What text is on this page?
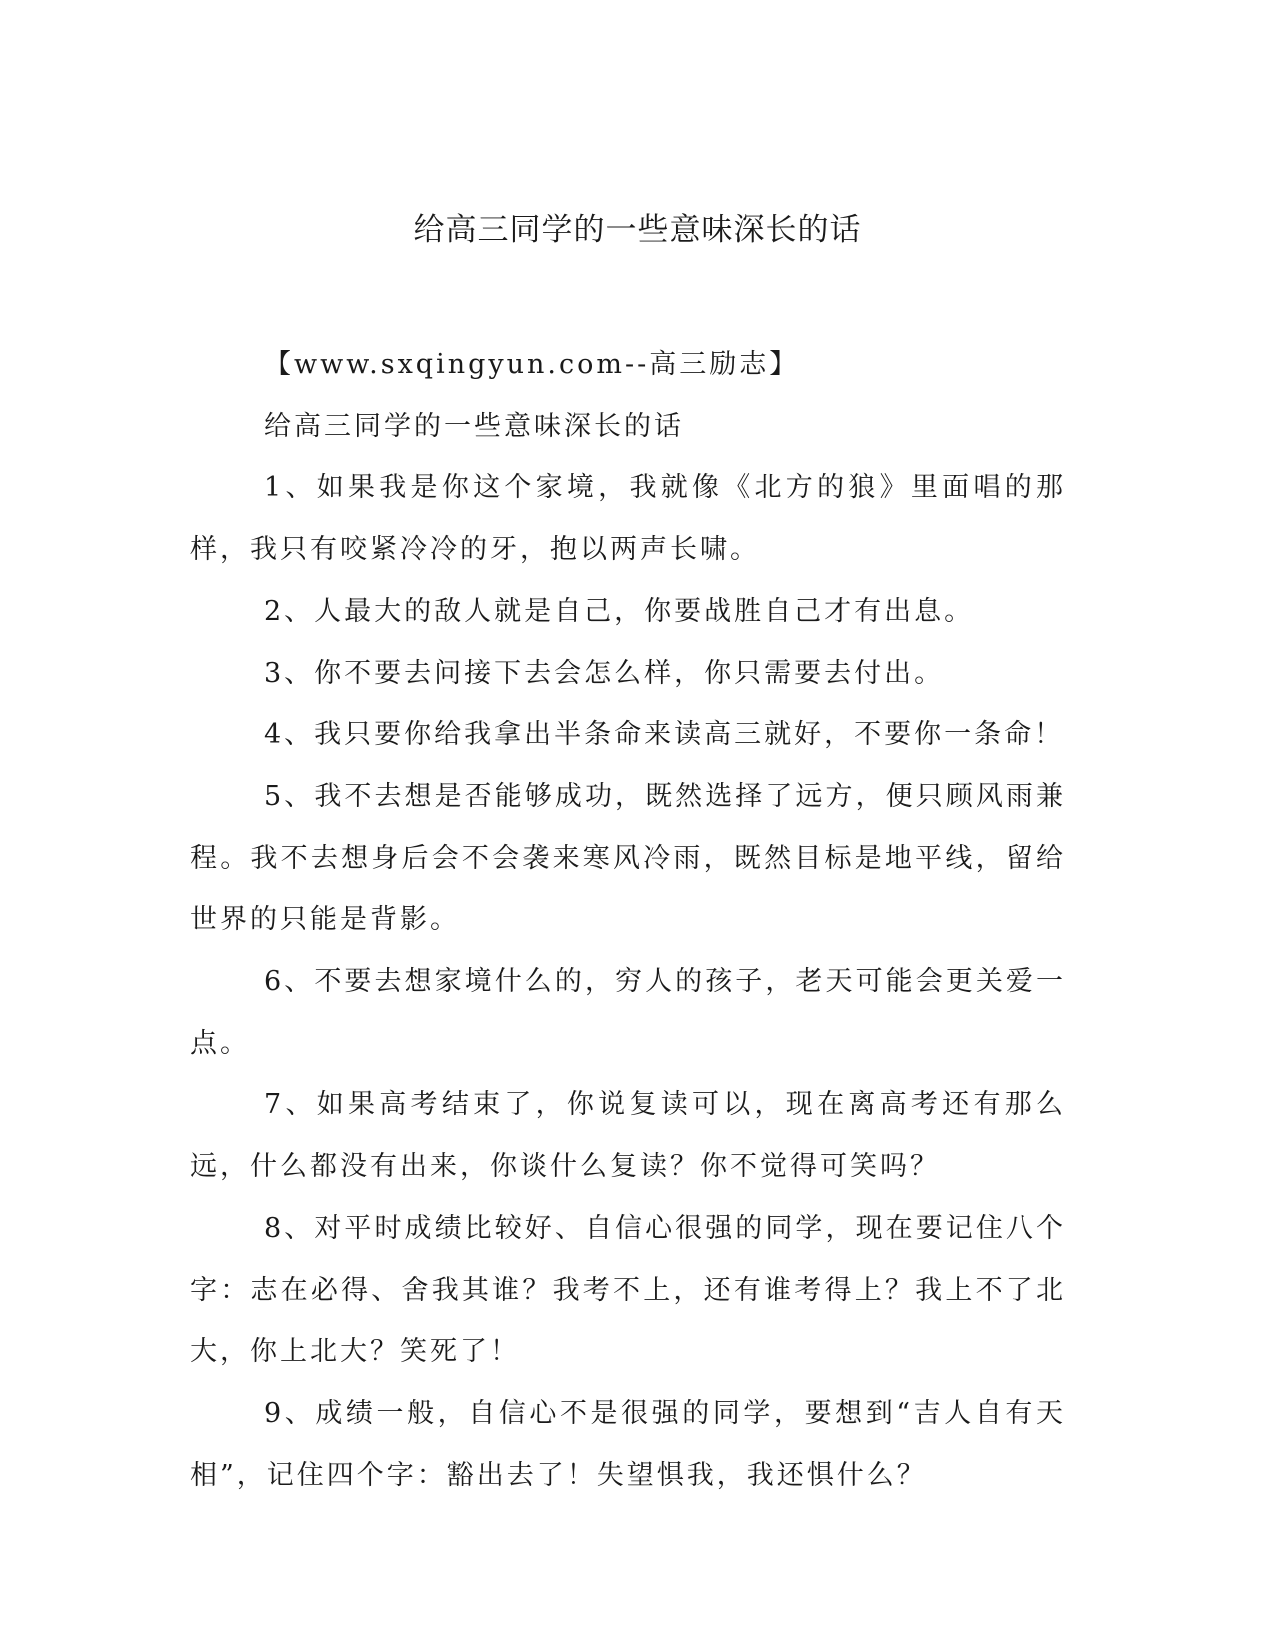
给高三同学的一些意味深长的话

【www.sxqingyun.com--高三励志】

给高三同学的一些意味深长的话

1、如果我是你这个家境，我就像《北方的狼》里面唱的那样，我只有咬紧冷冷的牙，抱以两声长啸。

2、人最大的敌人就是自己，你要战胜自己才有出息。

3、你不要去问接下去会怎么样，你只需要去付出。

4、我只要你给我拿出半条命来读高三就好，不要你一条命！

5、我不去想是否能够成功，既然选择了远方，便只顾风雨兼程。我不去想身后会不会袭来寒风冷雨，既然目标是地平线，留给世界的只能是背影。

6、不要去想家境什么的，穷人的孩子，老天可能会更关爱一点。

7、如果高考结束了，你说复读可以，现在离高考还有那么远，什么都没有出来，你谈什么复读？你不觉得可笑吗？

8、对平时成绩比较好、自信心很强的同学，现在要记住八个字：志在必得、舍我其谁？我考不上，还有谁考得上？我上不了北大，你上北大？笑死了！

9、成绩一般，自信心不是很强的同学，要想到“吉人自有天相”，记住四个字：豁出去了！失望惧我，我还惧什么？
